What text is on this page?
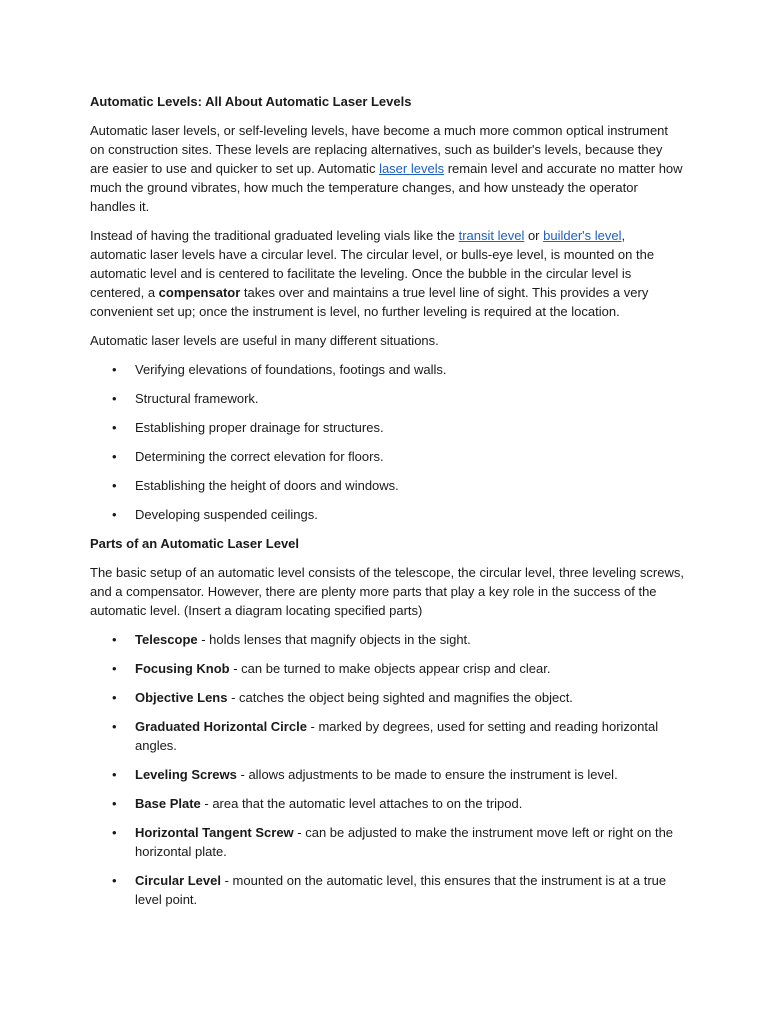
Automatic Levels: All About Automatic Laser Levels

Automatic laser levels, or self-leveling levels, have become a much more common optical instrument on construction sites. These levels are replacing alternatives, such as builder's levels, because they are easier to use and quicker to set up. Automatic laser levels remain level and accurate no matter how much the ground vibrates, how much the temperature changes, and how unsteady the operator handles it.

Instead of having the traditional graduated leveling vials like the transit level or builder's level, automatic laser levels have a circular level. The circular level, or bulls-eye level, is mounted on the automatic level and is centered to facilitate the leveling. Once the bubble in the circular level is centered, a compensator takes over and maintains a true level line of sight. This provides a very convenient set up; once the instrument is level, no further leveling is required at the location.

Automatic laser levels are useful in many different situations.

• Verifying elevations of foundations, footings and walls.
• Structural framework.
• Establishing proper drainage for structures.
• Determining the correct elevation for floors.
• Establishing the height of doors and windows.
• Developing suspended ceilings.
Parts of an Automatic Laser Level

The basic setup of an automatic level consists of the telescope, the circular level, three leveling screws, and a compensator. However, there are plenty more parts that play a key role in the success of the automatic level. (Insert a diagram locating specified parts)

• Telescope - holds lenses that magnify objects in the sight.
• Focusing Knob - can be turned to make objects appear crisp and clear.
• Objective Lens - catches the object being sighted and magnifies the object.
• Graduated Horizontal Circle - marked by degrees, used for setting and reading horizontal angles.
• Leveling Screws - allows adjustments to be made to ensure the instrument is level.
• Base Plate - area that the automatic level attaches to on the tripod.
• Horizontal Tangent Screw - can be adjusted to make the instrument move left or right on the horizontal plate.
• Circular Level - mounted on the automatic level, this ensures that the instrument is at a true level point.
